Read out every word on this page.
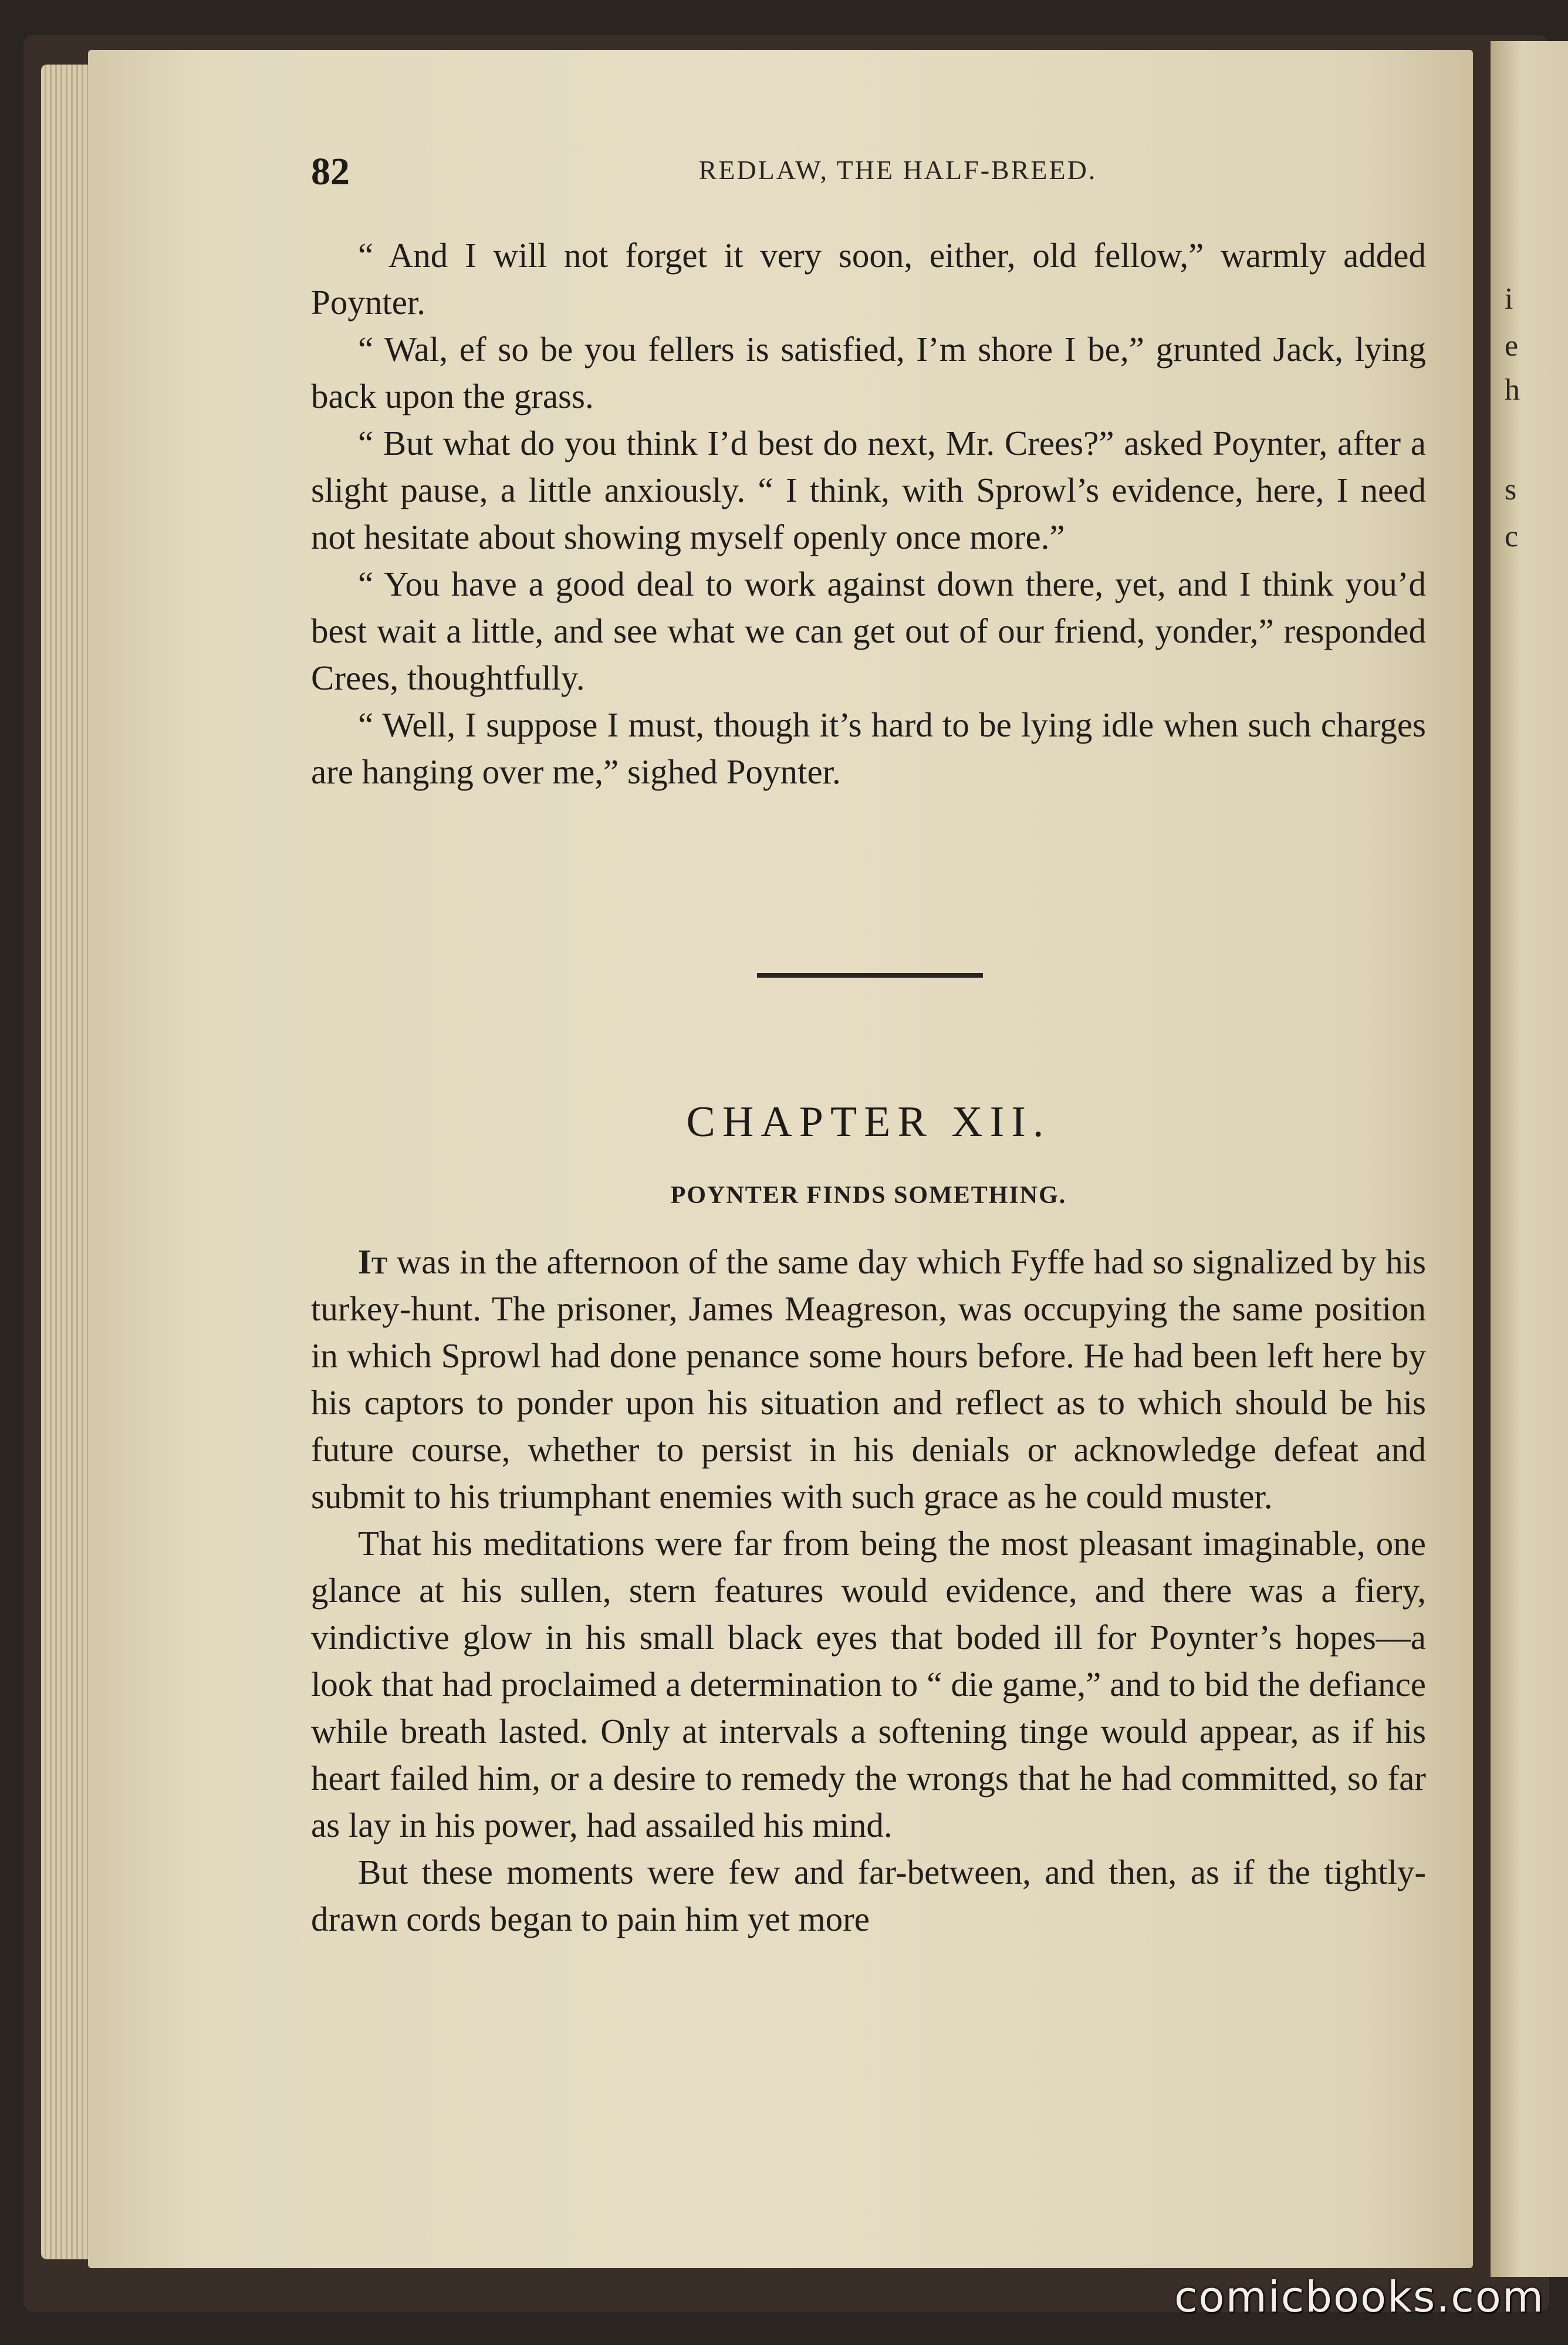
i
e
h
s
c
82	REDLAW, THE HALF-BREED.

“ And I will not forget it very soon, either, old fellow,” warmly added Poynter.

“ Wal, ef so be you fellers is satisfied, I’m shore I be,” grunted Jack, lying back upon the grass.

“ But what do you think I’d best do next, Mr. Crees?” asked Poynter, after a slight pause, a little anxiously. “ I think, with Sprowl’s evidence, here, I need not hesitate about showing myself openly once more.”

“ You have a good deal to work against down there, yet, and I think you’d best wait a little, and see what we can get out of our friend, yonder,” responded Crees, thoughtfully.

“ Well, I suppose I must, though it’s hard to be lying idle when such charges are hanging over me,” sighed Poynter.

CHAPTER XII.
POYNTER FINDS SOMETHING.

It was in the afternoon of the same day which Fyffe had so signalized by his turkey-hunt. The prisoner, James Meagreson, was occupying the same position in which Sprowl had done penance some hours before. He had been left here by his captors to ponder upon his situation and reflect as to which should be his future course, whether to persist in his denials or acknowledge defeat and submit to his triumphant enemies with such grace as he could muster.

That his meditations were far from being the most pleasant imaginable, one glance at his sullen, stern features would evidence, and there was a fiery, vindictive glow in his small black eyes that boded ill for Poynter’s hopes—a look that had proclaimed a determination to “ die game,” and to bid the defiance while breath lasted. Only at intervals a softening tinge would appear, as if his heart failed him, or a desire to remedy the wrongs that he had committed, so far as lay in his power, had assailed his mind.

But these moments were few and far-between, and then, as if the tightly-drawn cords began to pain him yet more

comicbooks.com
